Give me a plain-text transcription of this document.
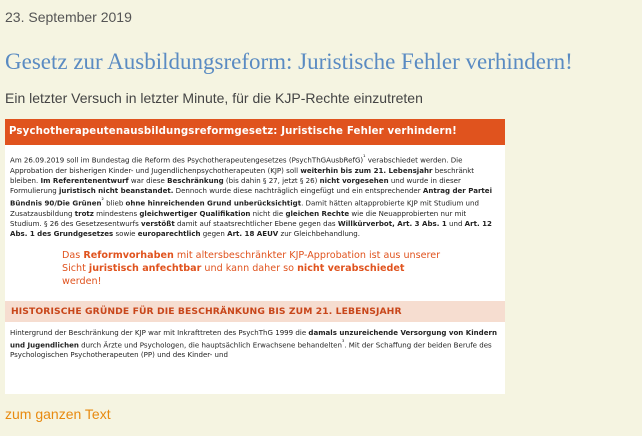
23. September 2019
Gesetz zur Ausbildungsreform: Juristische Fehler verhindern!
Ein letzter Versuch in letzter Minute, für die KJP-Rechte einzutreten
Psychotherapeutenausbildungsreformgesetz: Juristische Fehler verhindern!
Am 26.09.2019 soll im Bundestag die Reform des Psychotherapeutengesetzes (PsychThGAusbRefG)$^{^1}$ verabschiedet werden. Die Approbation der bisherigen Kinder- und Jugendlichenpsychotherapeuten (KJP) soll weiterhin bis zum 21. Lebensjahr beschränkt bleiben. Im Referentenentwurf war diese Beschränkung (bis dahin § 27, jetzt § 26) nicht vorgesehen und wurde in dieser Formulierung juristisch nicht beanstandet. Dennoch wurde diese nachträglich eingefügt und ein entsprechender Antrag der Partei Bündnis 90/Die Grünen$^{^2}$ blieb ohne hinreichenden Grund unberücksichtigt. Damit hätten altapprobierte KJP mit Studium und Zusatzausbildung trotz mindestens gleichwertiger Qualifikation nicht die gleichen Rechte wie die Neuapprobierten nur mit Studium. § 26 des Gesetzesentwurfs verstößt damit auf staatsrechtlicher Ebene gegen das Willkürverbot, Art. 3 Abs. 1 und Art. 12 Abs. 1 des Grundgesetzes sowie europarechtlich gegen Art. 18 AEUV zur Gleichbehandlung.
Das Reformvorhaben mit altersbeschränkter KJP-Approbation ist aus unserer Sicht juristisch anfechtbar und kann daher so nicht verabschiedet werden!
HISTORISCHE GRÜNDE FÜR DIE BESCHRÄNKUNG BIS ZUM 21. LEBENSJAHR
Hintergrund der Beschränkung der KJP war mit Inkrafttreten des PsychThG 1999 die damals unzureichende Versorgung von Kindern und Jugendlichen durch Ärzte und Psychologen, die hauptsächlich Erwachsene behandelten$^{^3}$. Mit der Schaffung der beiden Berufe des Psychologischen Psychotherapeuten (PP) und des Kinder- und
zum ganzen Text
